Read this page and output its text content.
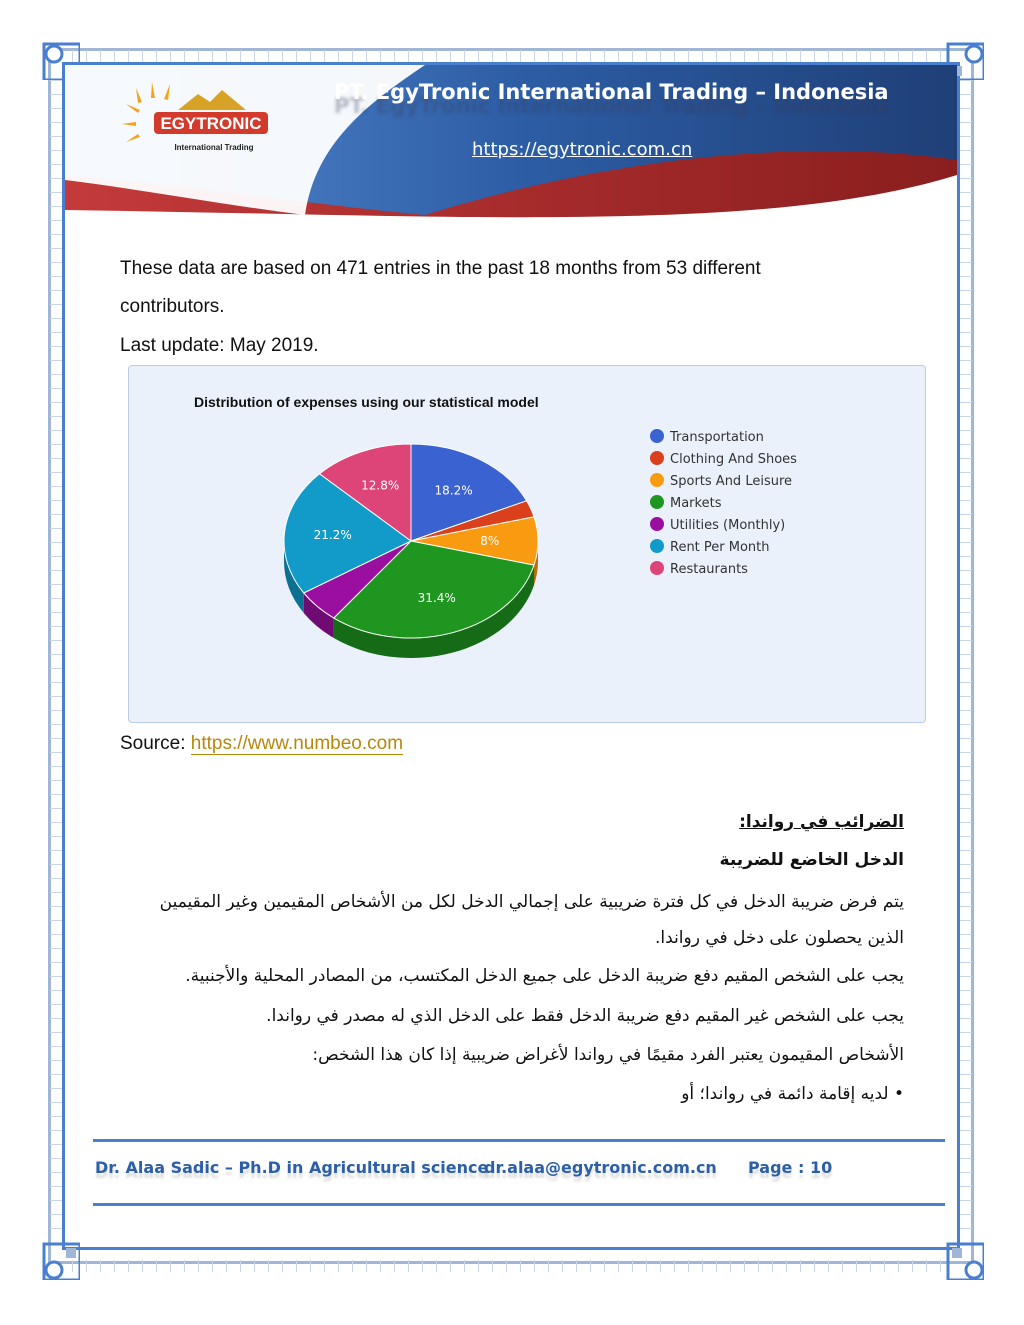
EGYTRONIC
International Trading
PT. EgyTronic International Trading – Indonesia
https://egytronic.com.cn
These data are based on 471 entries in the past 18 months from 53 different
contributors.
Last update: May 2019.
Distribution of expenses using our statistical model
18.2%
8%
31.4%
21.2%
12.8%
Transportation
Clothing And Shoes
Sports And Leisure
Markets
Utilities (Monthly)
Rent Per Month
Restaurants
Source: https://www.numbeo.com
الضرائب في رواندا:
الدخل الخاضع للضريبة
يتم فرض ضريبة الدخل في كل فترة ضريبية على إجمالي الدخل لكل من الأشخاص المقيمين وغير المقيمين
الذين يحصلون على دخل في رواندا.
يجب على الشخص المقيم دفع ضريبة الدخل على جميع الدخل المكتسب، من المصادر المحلية والأجنبية.
يجب على الشخص غير المقيم دفع ضريبة الدخل فقط على الدخل الذي له مصدر في رواندا.
الأشخاص المقيمون يعتبر الفرد مقيمًا في رواندا لأغراض ضريبية إذا كان هذا الشخص:
• لديه إقامة دائمة في رواندا؛ أو
Dr. Alaa Sadic – Ph.D in Agricultural science
dr.alaa@egytronic.com.cn Page : 10
